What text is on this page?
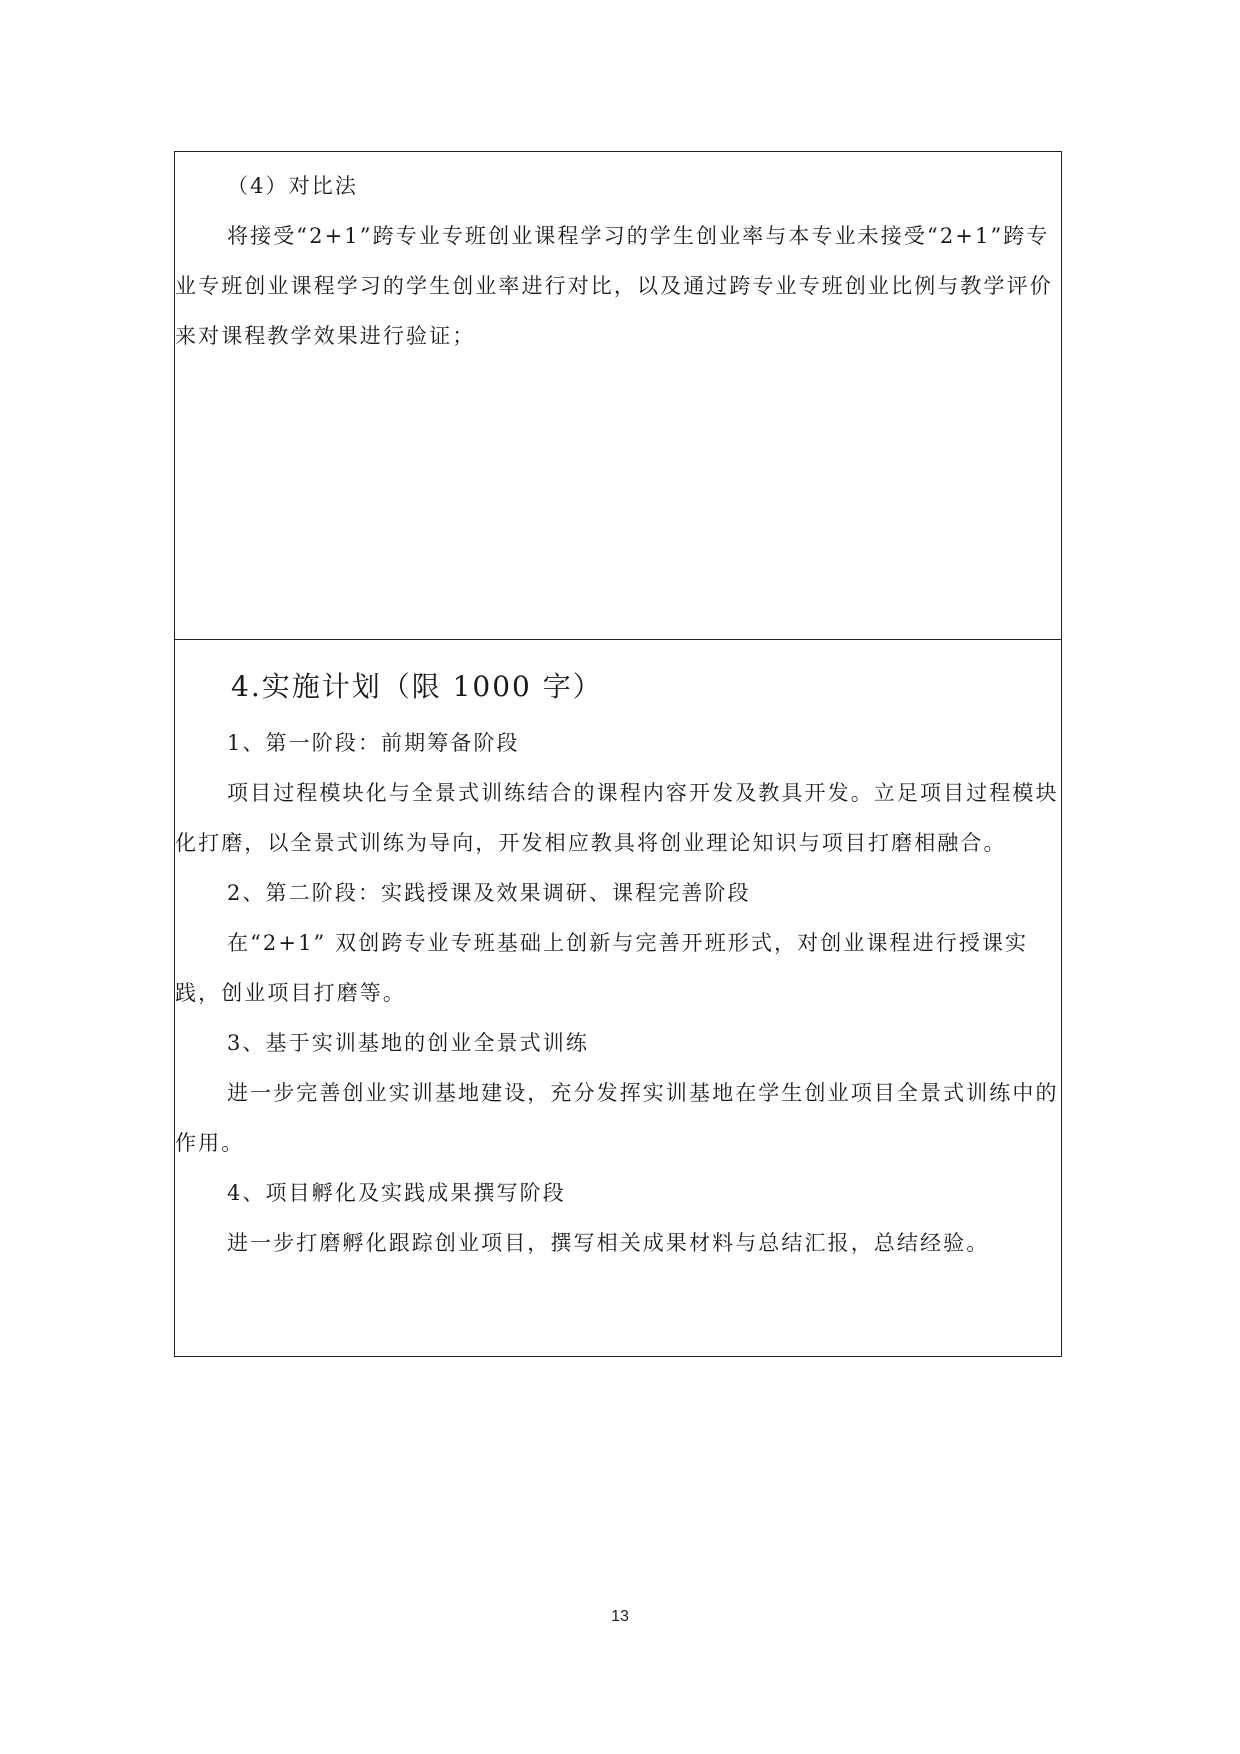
（4）对比法

将接受“2+1”跨专业专班创业课程学习的学生创业率与本专业未接受“2+1”跨专业专班创业课程学习的学生创业率进行对比，以及通过跨专业专班创业比例与教学评价来对课程教学效果进行验证；

4.实施计划（限 1000 字）

1、第一阶段：前期筹备阶段

项目过程模块化与全景式训练结合的课程内容开发及教具开发。立足项目过程模块化打磨，以全景式训练为导向，开发相应教具将创业理论知识与项目打磨相融合。

2、第二阶段：实践授课及效果调研、课程完善阶段

在“2+1” 双创跨专业专班基础上创新与完善开班形式，对创业课程进行授课实践，创业项目打磨等。

3、基于实训基地的创业全景式训练

进一步完善创业实训基地建设，充分发挥实训基地在学生创业项目全景式训练中的作用。

4、项目孵化及实践成果撰写阶段

进一步打磨孵化跟踪创业项目，撰写相关成果材料与总结汇报，总结经验。

13
